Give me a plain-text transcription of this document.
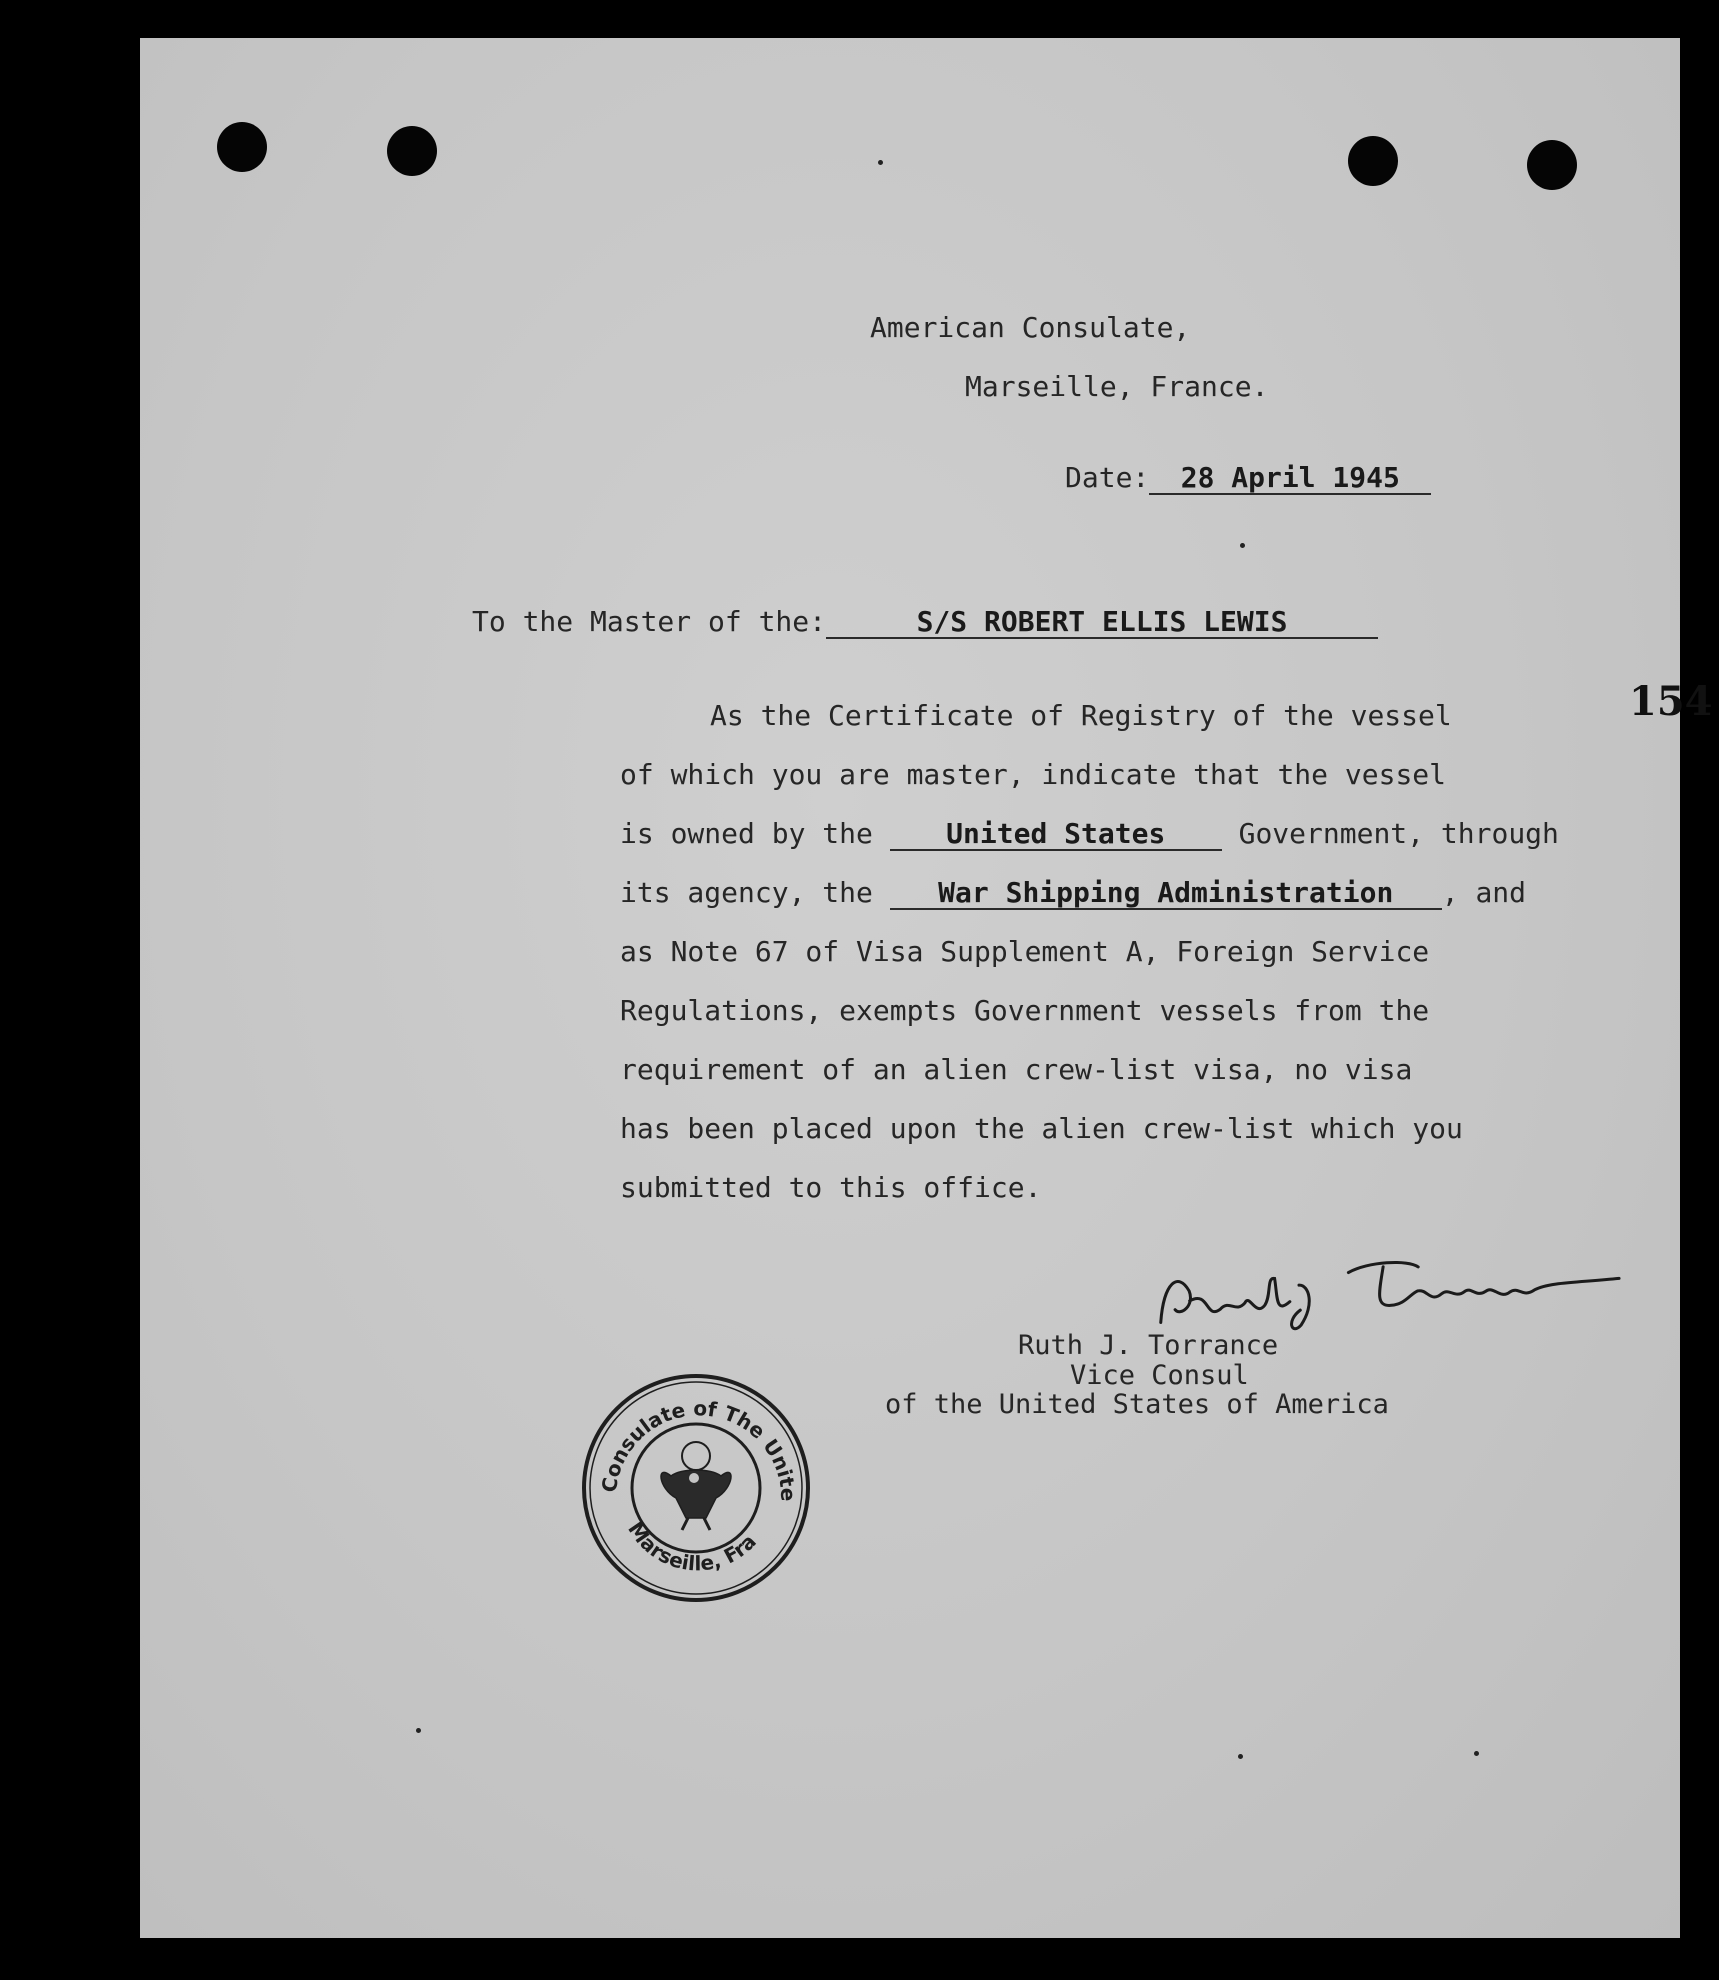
American Consulate,
Marseille, France.
Date: 28 April 1945
To the Master of the:	S/S ROBERT ELLIS LEWIS
154
As the Certificate of Registry of the vessel
of which you are master, indicate that the vessel
is owned by the	United States	Government, through
its agency, the War Shipping Administration , and
as Note 67 of Visa Supplement A, Foreign Service
Regulations, exempts Government vessels from the
requirement of an alien crew-list visa, no visa
has been placed upon the alien crew-list which you
submitted to this office.
Ruth J. Torrance
Vice Consul
of the United States of America
Consulate of The Unite
Marseille, Fra
